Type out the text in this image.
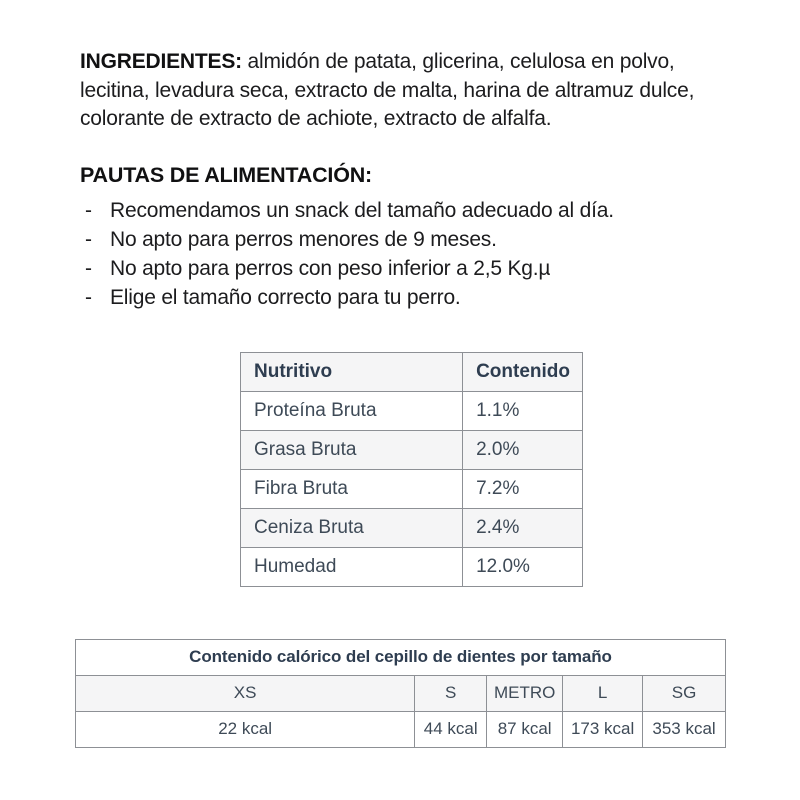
INGREDIENTES: almidón de patata, glicerina, celulosa en polvo, lecitina, levadura seca, extracto de malta, harina de altramuz dulce, colorante de extracto de achiote, extracto de alfalfa.

PAUTAS DE ALIMENTACIÓN:
- Recomendamos un snack del tamaño adecuado al día.
- No apto para perros menores de 9 meses.
- No apto para perros con peso inferior a 2,5 Kg.µ
- Elige el tamaño correcto para tu perro.
Nutritivo	Contenido
Proteína Bruta	1.1%
Grasa Bruta	2.0%
Fibra Bruta	7.2%
Ceniza Bruta	2.4%
Humedad	12.0%
Contenido calórico del cepillo de dientes por tamaño				
XS	S	METRO	L	SG
22 kcal	44 kcal	87 kcal	173 kcal	353 kcal
